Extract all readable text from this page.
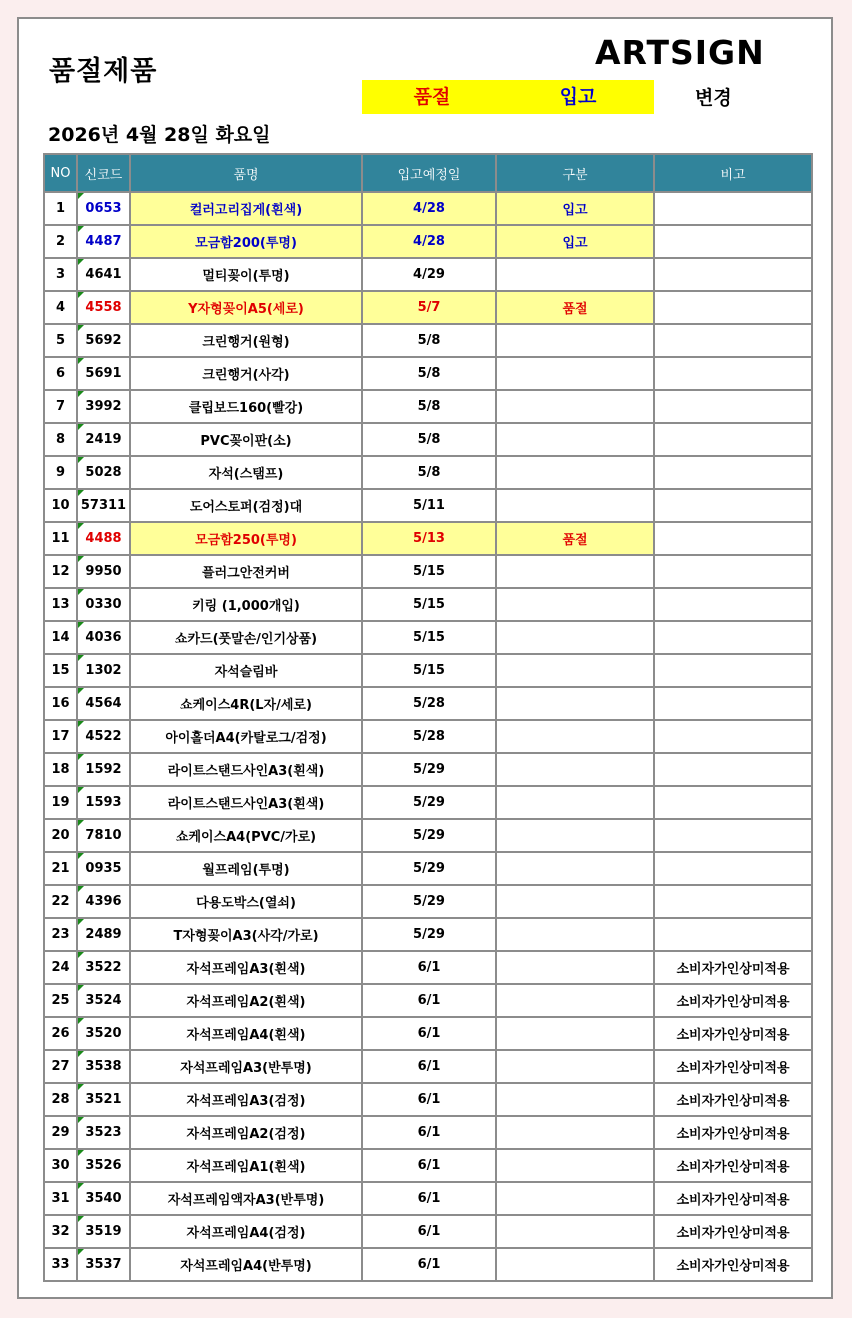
품절제품	ARTSIGN
품절	입고	변경
2026년 4월 28일 화요일
NO	신코드	품명	입고예정일	구분	비고
1	0653	컬러고리집게(흰색)	4/28	입고	
2	4487	모금함200(투명)	4/28	입고	
3	4641	멀티꽂이(투명)	4/29		
4	4558	Y자형꽂이A5(세로)	5/7	품절	
5	5692	크린행거(원형)	5/8		
6	5691	크린행거(사각)	5/8		
7	3992	클립보드160(빨강)	5/8		
8	2419	PVC꽂이판(소)	5/8		
9	5028	자석(스탬프)	5/8		
10	57311	도어스토퍼(검정)대	5/11		
11	4488	모금함250(투명)	5/13	품절	
12	9950	플러그안전커버	5/15		
13	0330	키링 (1,000개입)	5/15		
14	4036	쇼카드(풋말손/인기상품)	5/15		
15	1302	자석슬림바	5/15		
16	4564	쇼케이스4R(L자/세로)	5/28		
17	4522	아이홀더A4(카탈로그/검정)	5/28		
18	1592	라이트스탠드사인A3(흰색)	5/29		
19	1593	라이트스탠드사인A3(흰색)	5/29		
20	7810	쇼케이스A4(PVC/가로)	5/29		
21	0935	월프레임(투명)	5/29		
22	4396	다용도박스(열쇠)	5/29		
23	2489	T자형꽂이A3(사각/가로)	5/29		
24	3522	자석프레임A3(흰색)	6/1		소비자가인상미적용
25	3524	자석프레임A2(흰색)	6/1		소비자가인상미적용
26	3520	자석프레임A4(흰색)	6/1		소비자가인상미적용
27	3538	자석프레임A3(반투명)	6/1		소비자가인상미적용
28	3521	자석프레임A3(검정)	6/1		소비자가인상미적용
29	3523	자석프레임A2(검정)	6/1		소비자가인상미적용
30	3526	자석프레임A1(흰색)	6/1		소비자가인상미적용
31	3540	자석프레임액자A3(반투명)	6/1		소비자가인상미적용
32	3519	자석프레임A4(검정)	6/1		소비자가인상미적용
33	3537	자석프레임A4(반투명)	6/1		소비자가인상미적용
